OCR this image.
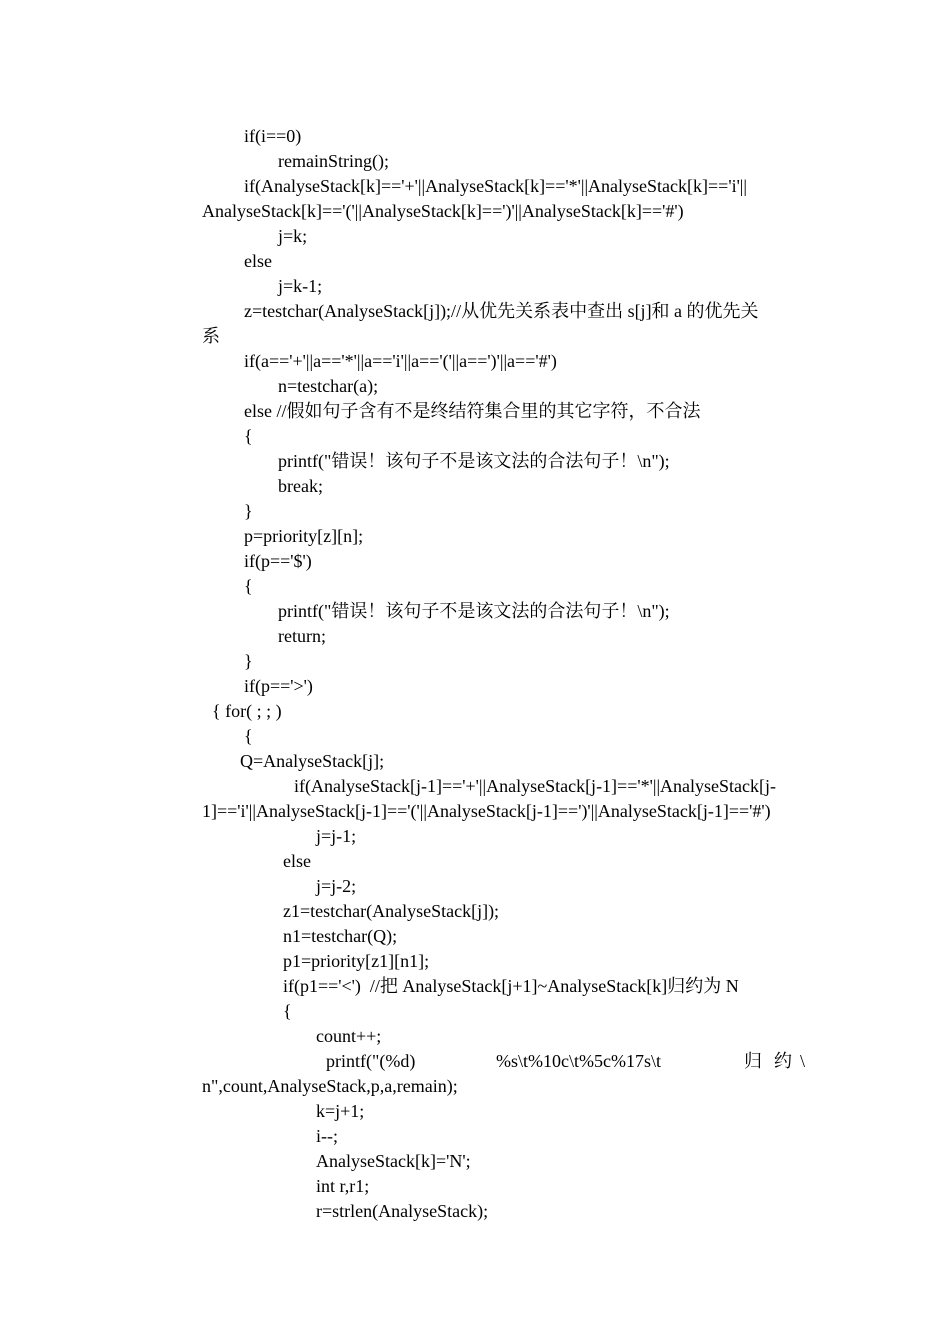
if(i==0)
remainString();
if(AnalyseStack[k]=='+'||AnalyseStack[k]=='*'||AnalyseStack[k]=='i'||
AnalyseStack[k]=='('||AnalyseStack[k]==')'||AnalyseStack[k]=='#')
j=k;
else
j=k-1;
z=testchar(AnalyseStack[j]);//从优先关系表中查出 s[j]和 a 的优先关
系
if(a=='+'||a=='*'||a=='i'||a=='('||a==')'||a=='#')
n=testchar(a);
else //假如句子含有不是终结符集合里的其它字符，不合法
{
printf("错误！该句子不是该文法的合法句子！\n");
break;
}
p=priority[z][n];
if(p=='$')
{
printf("错误！该句子不是该文法的合法句子！\n");
return;
}
if(p=='>')
{ for( ; ; )
{
Q=AnalyseStack[j];
if(AnalyseStack[j-1]=='+'||AnalyseStack[j-1]=='*'||AnalyseStack[j-
1]=='i'||AnalyseStack[j-1]=='('||AnalyseStack[j-1]==')'||AnalyseStack[j-1]=='#')
j=j-1;
else
j=j-2;
z1=testchar(AnalyseStack[j]);
n1=testchar(Q);
p1=priority[z1][n1];
if(p1=='<')  //把 AnalyseStack[j+1]~AnalyseStack[k]归约为 N
{
count++;
printf("(%d)	%s\t%10c\t%5c%17s\t	归 约 \
n",count,AnalyseStack,p,a,remain);
k=j+1;
i--;
AnalyseStack[k]='N';
int r,r1;
r=strlen(AnalyseStack);
